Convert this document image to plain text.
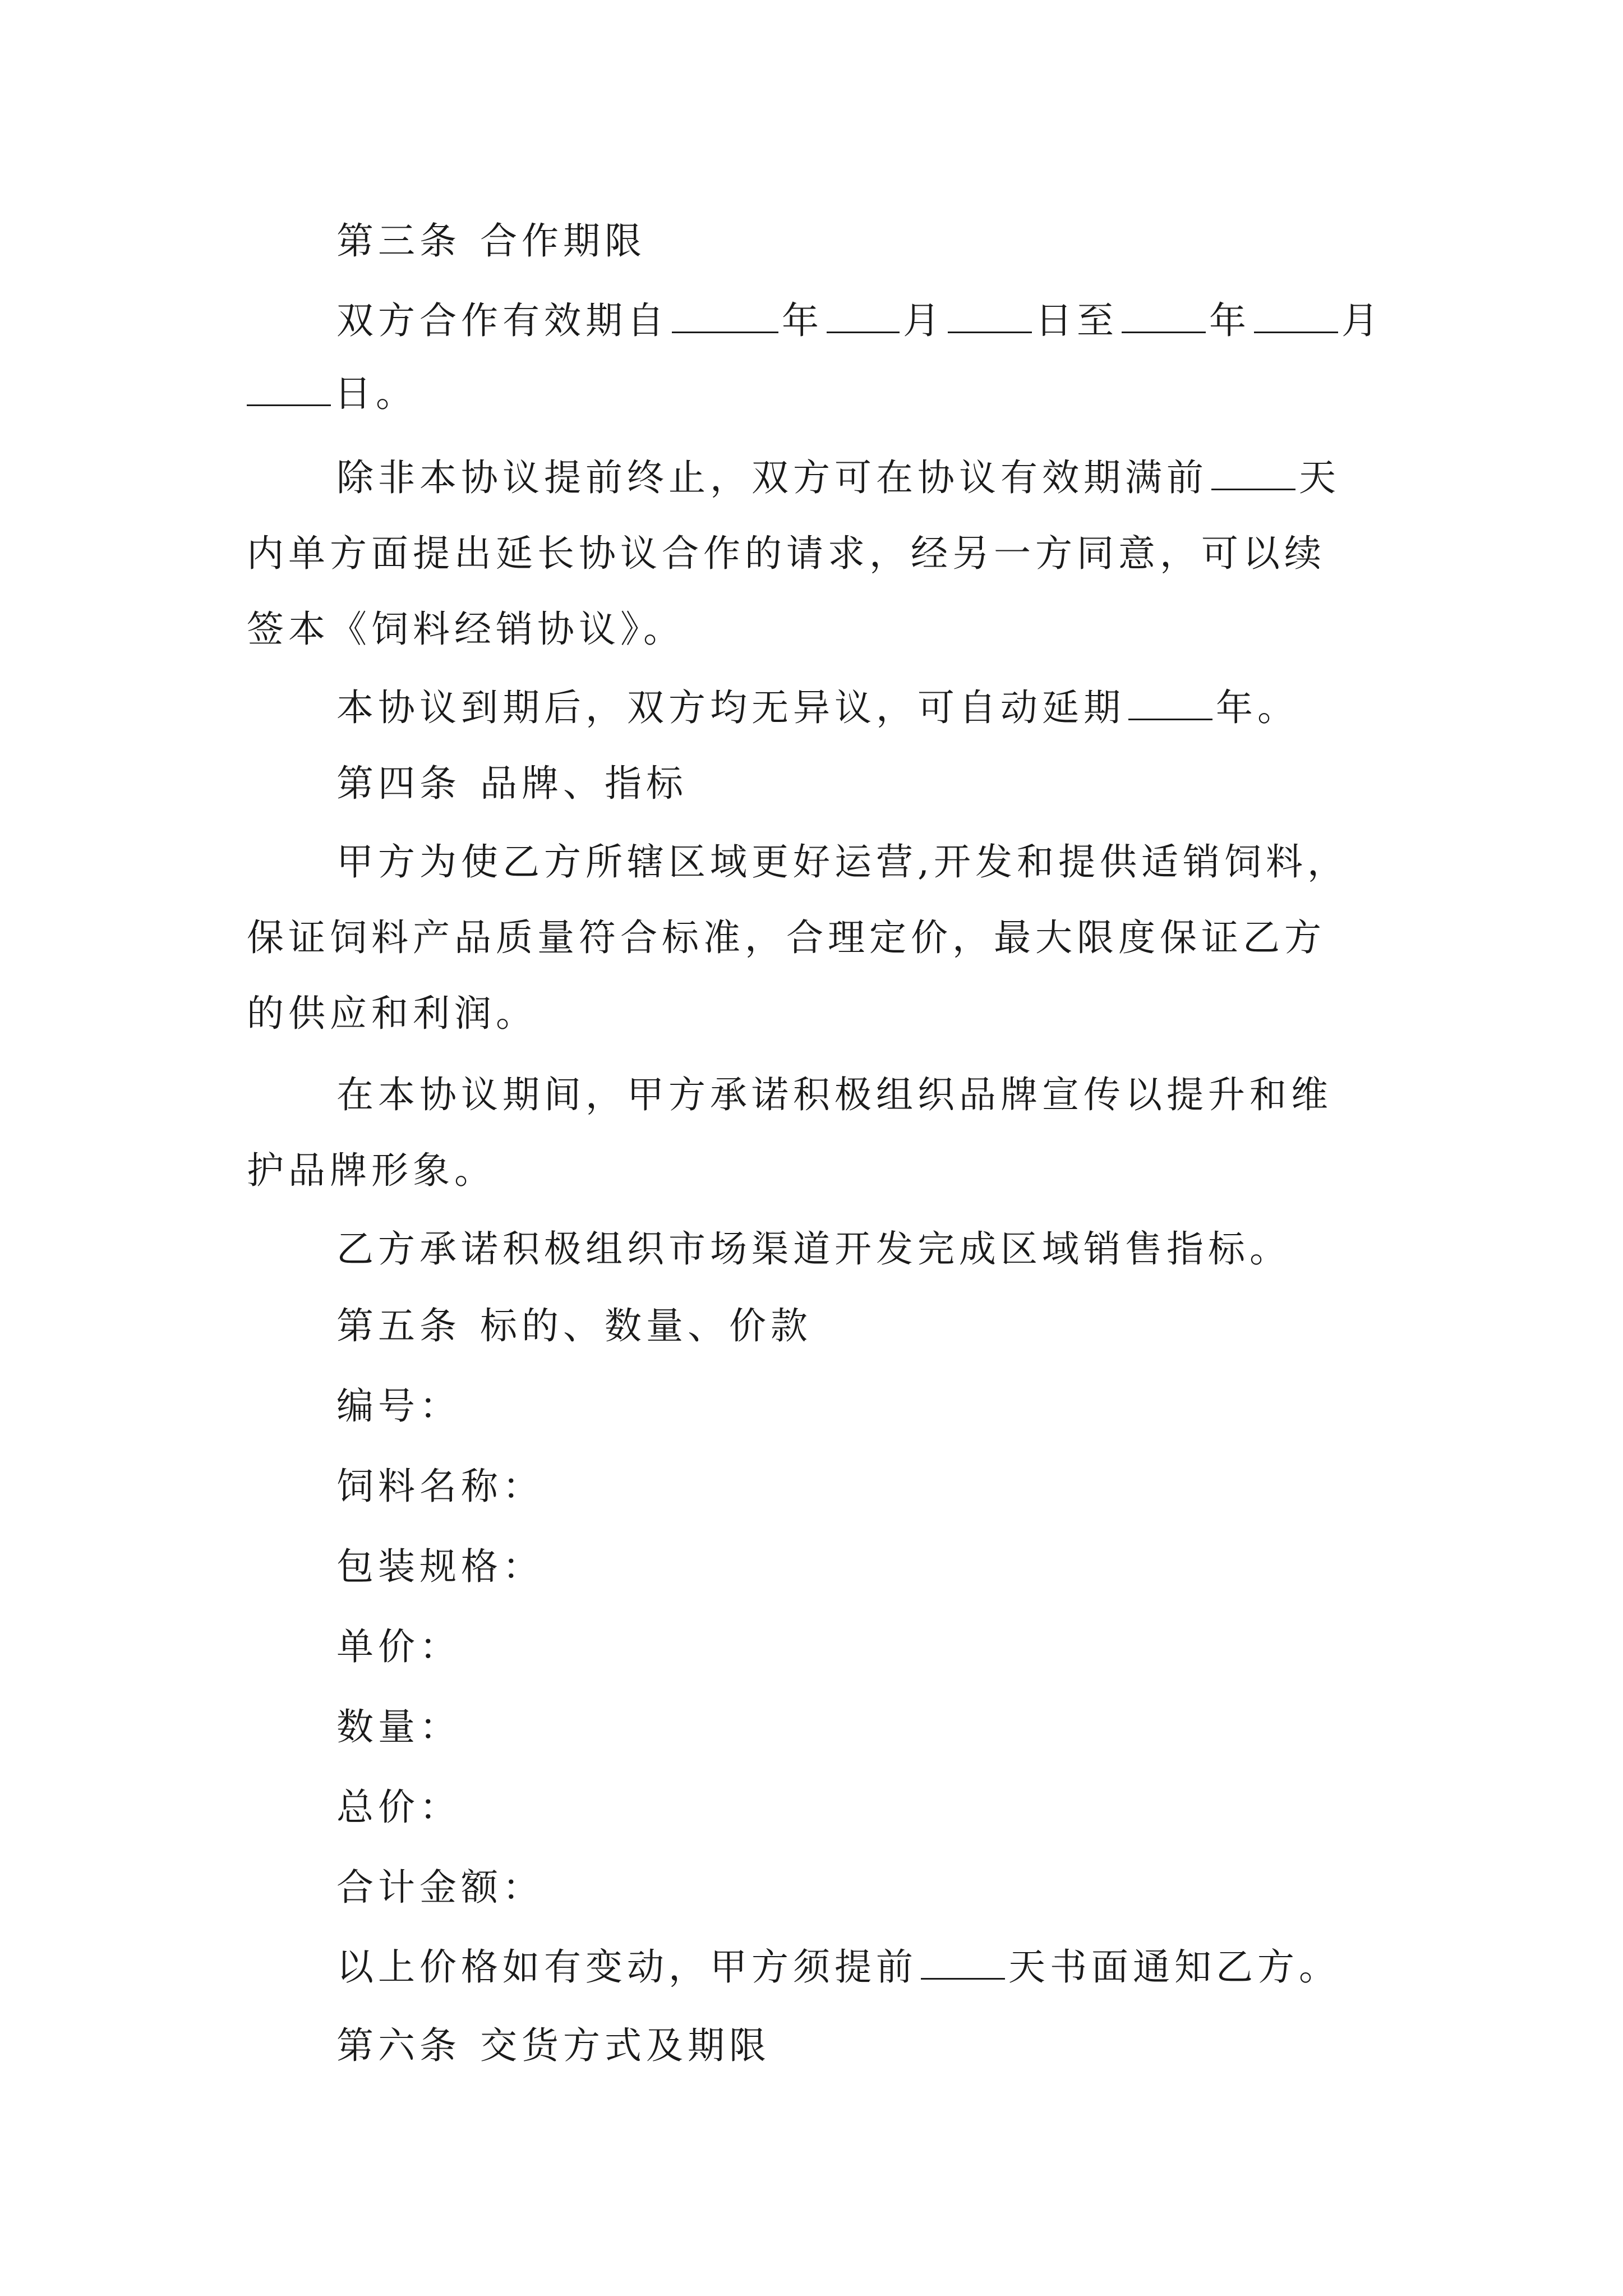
第三条 合作期限

双方合作有效期自	年 月 日至 年 月

日。

除非本协议提前终止，双方可在协议有效期满前 天

内单方面提出延长协议合作的请求，经另一方同意，可以续

签本《饲料经销协议》。

本协议到期后，双方均无异议，可自动延期 年。

第四条 品牌、指标

甲方为使乙方所辖区域更好运营,开发和提供适销饲料，

保证饲料产品质量符合标准，合理定价，最大限度保证乙方

的供应和利润。

在本协议期间，甲方承诺积极组织品牌宣传以提升和维

护品牌形象。

乙方承诺积极组织市场渠道开发完成区域销售指标。

第五条 标的、数量、价款

编号：

饲料名称：

包装规格：

单价：

数量：

总价：

合计金额：

以上价格如有变动，甲方须提前 天书面通知乙方。

第六条 交货方式及期限
